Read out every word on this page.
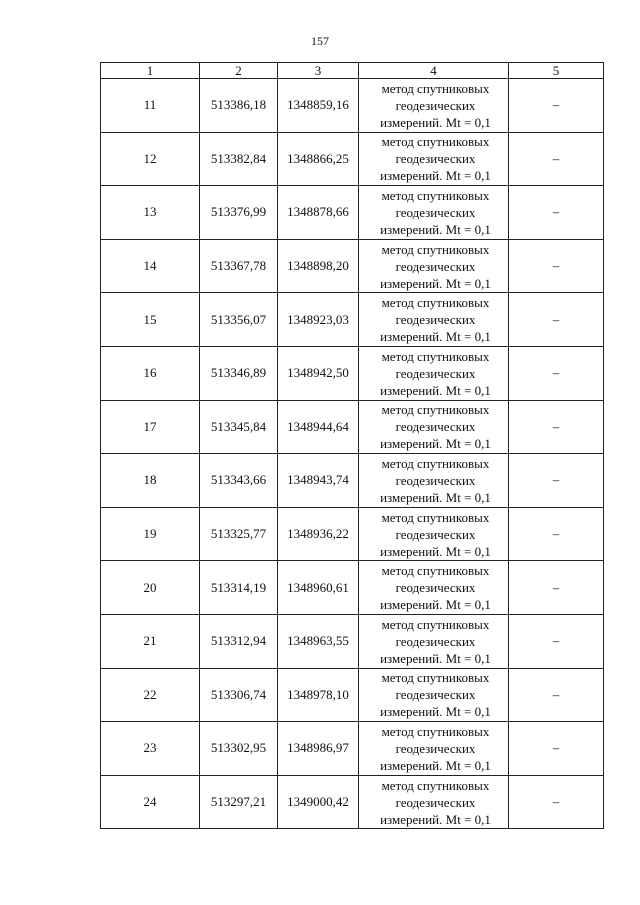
157
1	2	3	4	5
11	513386,18	1348859,16	метод спутниковых
геодезических
измерений. Mt = 0,1	–
12	513382,84	1348866,25	метод спутниковых
геодезических
измерений. Mt = 0,1	–
13	513376,99	1348878,66	метод спутниковых
геодезических
измерений. Mt = 0,1	–
14	513367,78	1348898,20	метод спутниковых
геодезических
измерений. Mt = 0,1	–
15	513356,07	1348923,03	метод спутниковых
геодезических
измерений. Mt = 0,1	–
16	513346,89	1348942,50	метод спутниковых
геодезических
измерений. Mt = 0,1	–
17	513345,84	1348944,64	метод спутниковых
геодезических
измерений. Mt = 0,1	–
18	513343,66	1348943,74	метод спутниковых
геодезических
измерений. Mt = 0,1	–
19	513325,77	1348936,22	метод спутниковых
геодезических
измерений. Mt = 0,1	–
20	513314,19	1348960,61	метод спутниковых
геодезических
измерений. Mt = 0,1	–
21	513312,94	1348963,55	метод спутниковых
геодезических
измерений. Mt = 0,1	–
22	513306,74	1348978,10	метод спутниковых
геодезических
измерений. Mt = 0,1	–
23	513302,95	1348986,97	метод спутниковых
геодезических
измерений. Mt = 0,1	–
24	513297,21	1349000,42	метод спутниковых
геодезических
измерений. Mt = 0,1	–
